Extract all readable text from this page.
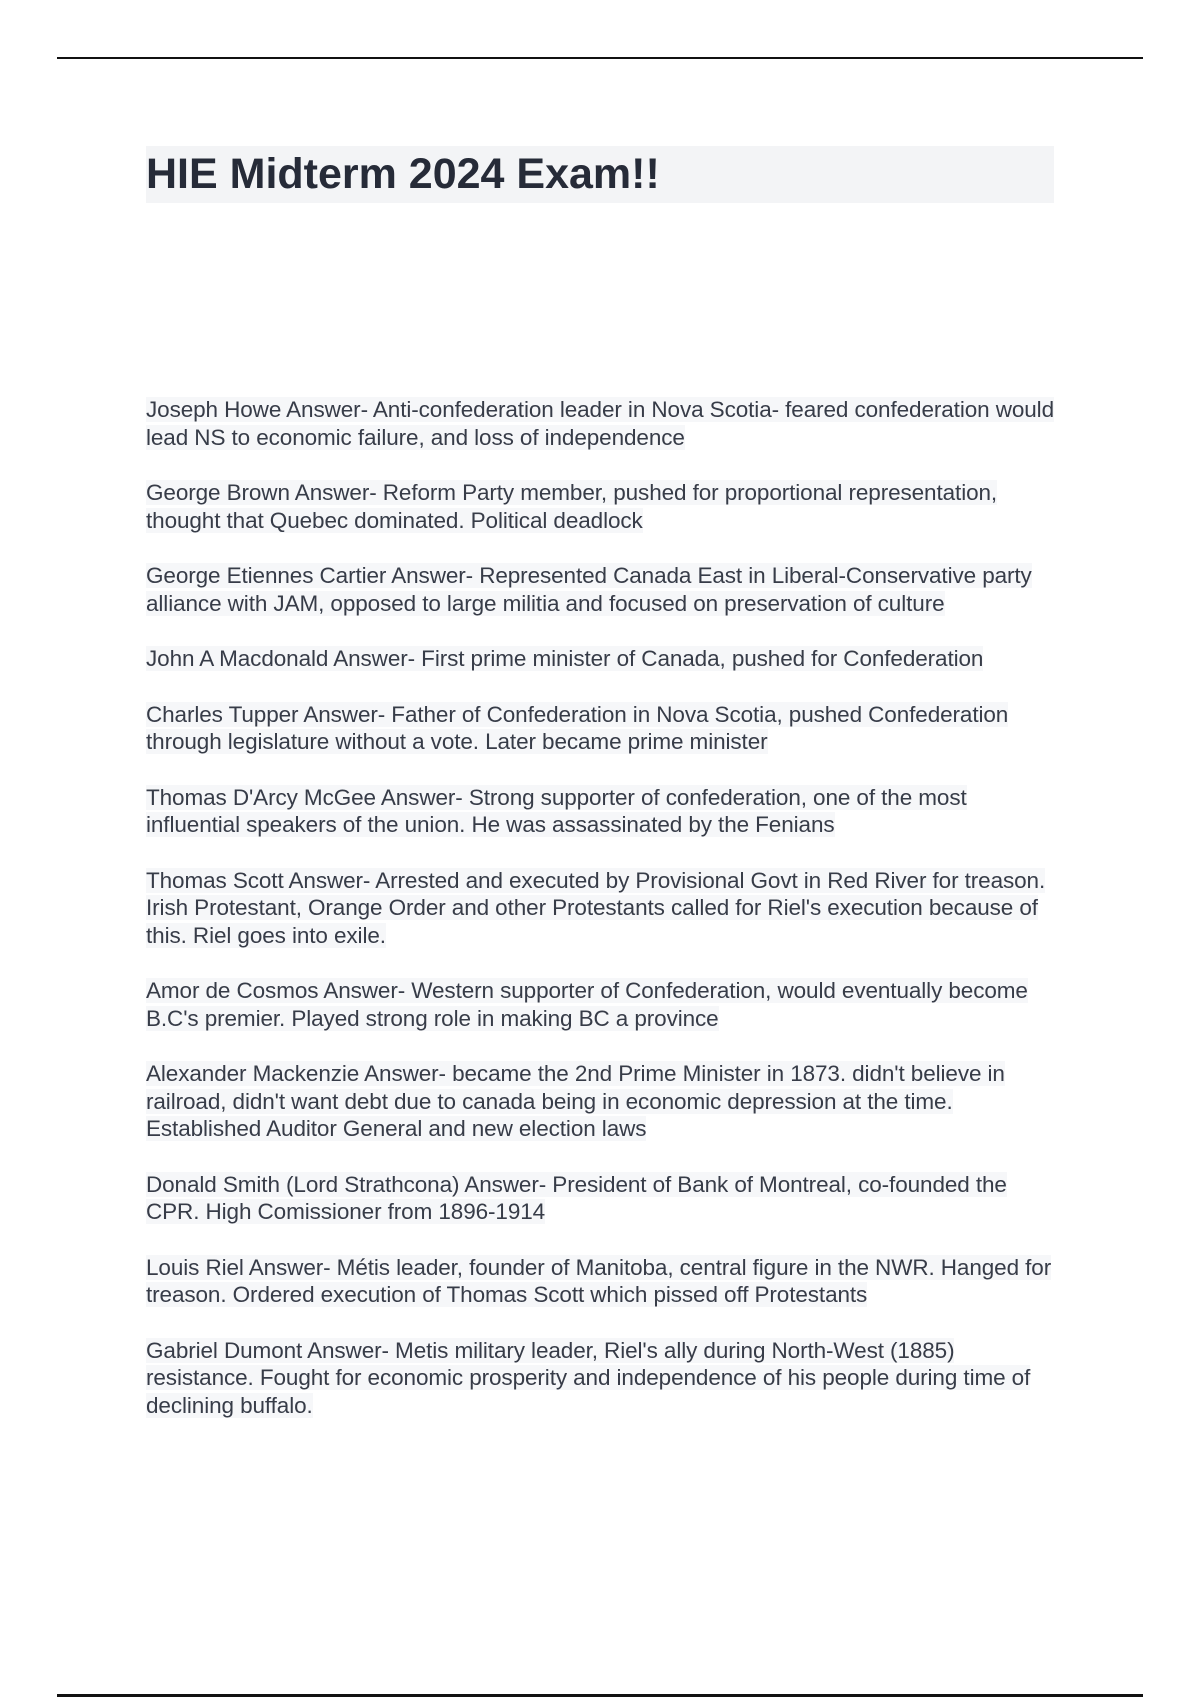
HIE Midterm 2024 Exam!!
Joseph Howe Answer- Anti-confederation leader in Nova Scotia- feared confederation would lead NS to economic failure, and loss of independence
George Brown Answer- Reform Party member, pushed for proportional representation, thought that Quebec dominated. Political deadlock
George Etiennes Cartier Answer- Represented Canada East in Liberal-Conservative party alliance with JAM, opposed to large militia and focused on preservation of culture
John A Macdonald Answer- First prime minister of Canada, pushed for Confederation
Charles Tupper Answer- Father of Confederation in Nova Scotia, pushed Confederation through legislature without a vote. Later became prime minister
Thomas D'Arcy McGee Answer- Strong supporter of confederation, one of the most influential speakers of the union. He was assassinated by the Fenians
Thomas Scott Answer- Arrested and executed by Provisional Govt in Red River for treason. Irish Protestant, Orange Order and other Protestants called for Riel's execution because of this. Riel goes into exile.
Amor de Cosmos Answer- Western supporter of Confederation, would eventually become B.C's premier. Played strong role in making BC a province
Alexander Mackenzie Answer- became the 2nd Prime Minister in 1873. didn't believe in railroad, didn't want debt due to canada being in economic depression at the time. Established Auditor General and new election laws
Donald Smith (Lord Strathcona) Answer- President of Bank of Montreal, co-founded the CPR. High Comissioner from 1896-1914
Louis Riel Answer- Métis leader, founder of Manitoba, central figure in the NWR. Hanged for treason. Ordered execution of Thomas Scott which pissed off Protestants
Gabriel Dumont Answer- Metis military leader, Riel's ally during North-West (1885) resistance. Fought for economic prosperity and independence of his people during time of declining buffalo.
